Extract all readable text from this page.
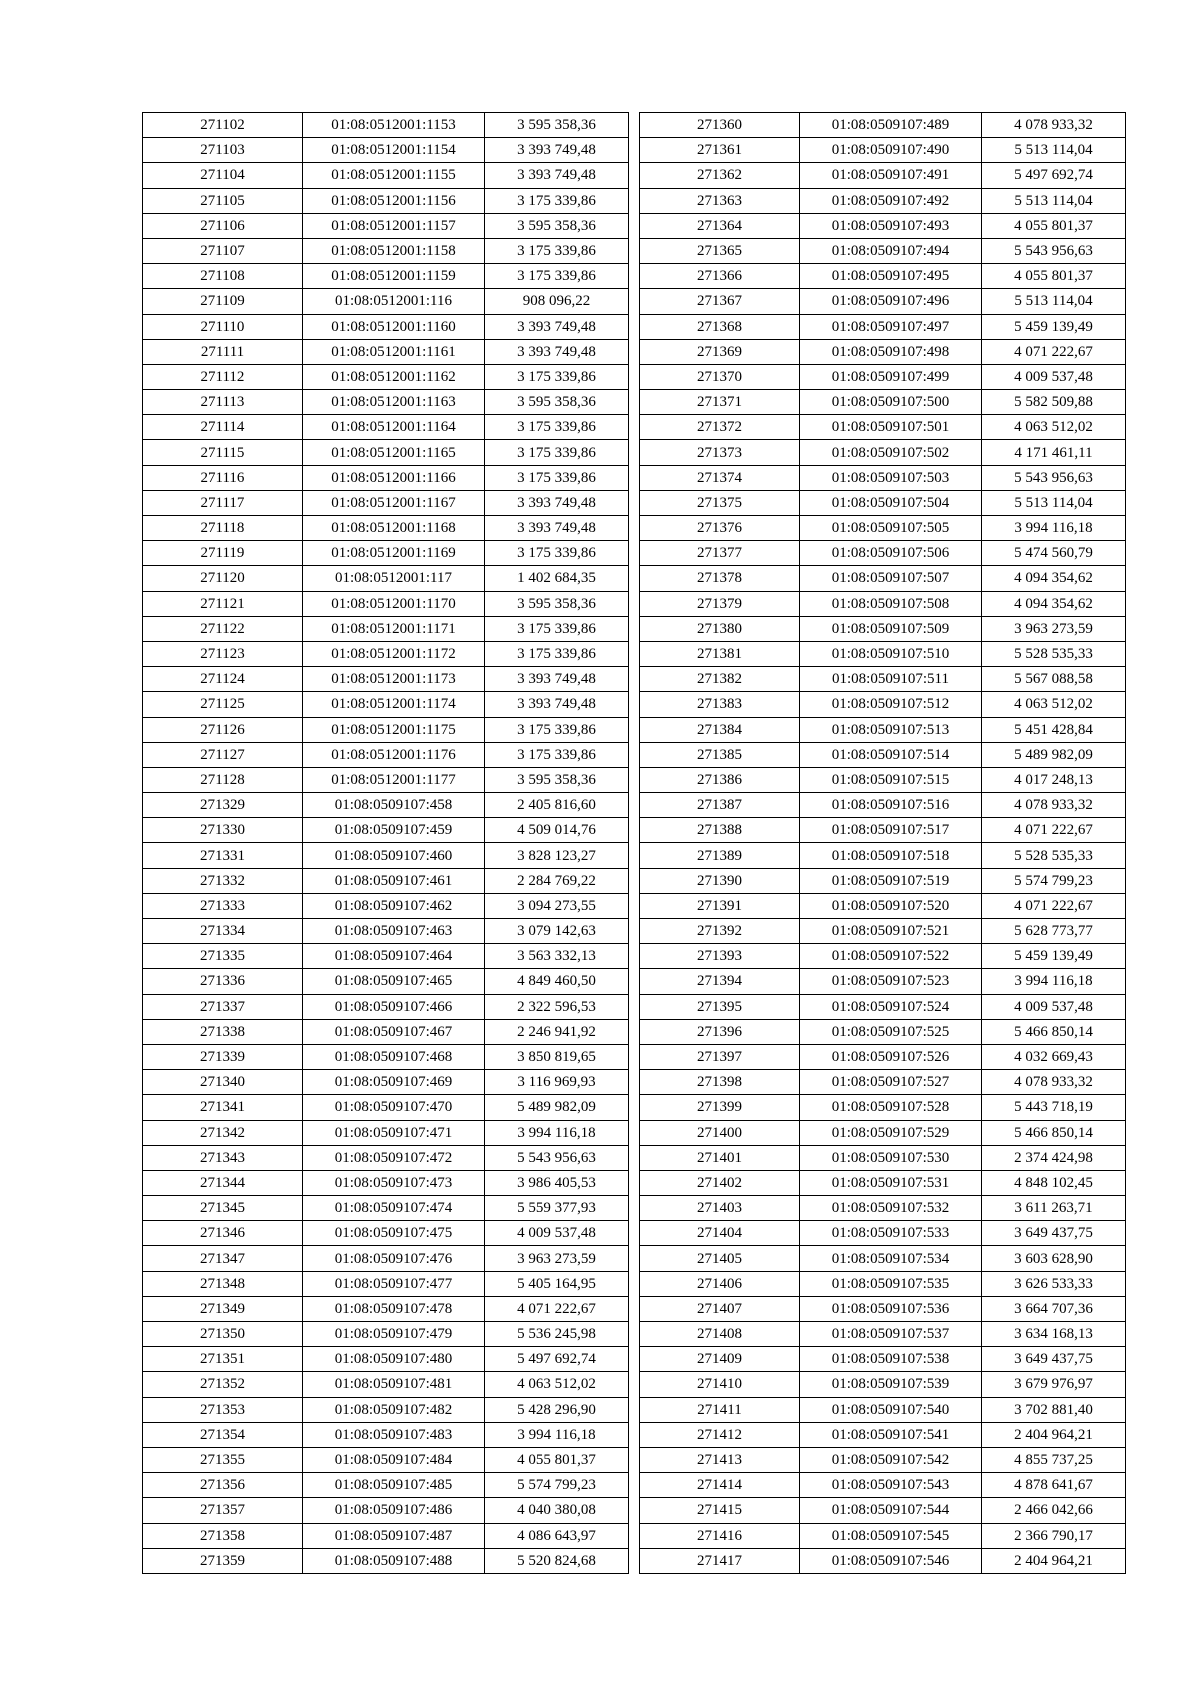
271102	01:08:0512001:1153	3 595 358,36
271103	01:08:0512001:1154	3 393 749,48
271104	01:08:0512001:1155	3 393 749,48
271105	01:08:0512001:1156	3 175 339,86
271106	01:08:0512001:1157	3 595 358,36
271107	01:08:0512001:1158	3 175 339,86
271108	01:08:0512001:1159	3 175 339,86
271109	01:08:0512001:116	908 096,22
271110	01:08:0512001:1160	3 393 749,48
271111	01:08:0512001:1161	3 393 749,48
271112	01:08:0512001:1162	3 175 339,86
271113	01:08:0512001:1163	3 595 358,36
271114	01:08:0512001:1164	3 175 339,86
271115	01:08:0512001:1165	3 175 339,86
271116	01:08:0512001:1166	3 175 339,86
271117	01:08:0512001:1167	3 393 749,48
271118	01:08:0512001:1168	3 393 749,48
271119	01:08:0512001:1169	3 175 339,86
271120	01:08:0512001:117	1 402 684,35
271121	01:08:0512001:1170	3 595 358,36
271122	01:08:0512001:1171	3 175 339,86
271123	01:08:0512001:1172	3 175 339,86
271124	01:08:0512001:1173	3 393 749,48
271125	01:08:0512001:1174	3 393 749,48
271126	01:08:0512001:1175	3 175 339,86
271127	01:08:0512001:1176	3 175 339,86
271128	01:08:0512001:1177	3 595 358,36
271329	01:08:0509107:458	2 405 816,60
271330	01:08:0509107:459	4 509 014,76
271331	01:08:0509107:460	3 828 123,27
271332	01:08:0509107:461	2 284 769,22
271333	01:08:0509107:462	3 094 273,55
271334	01:08:0509107:463	3 079 142,63
271335	01:08:0509107:464	3 563 332,13
271336	01:08:0509107:465	4 849 460,50
271337	01:08:0509107:466	2 322 596,53
271338	01:08:0509107:467	2 246 941,92
271339	01:08:0509107:468	3 850 819,65
271340	01:08:0509107:469	3 116 969,93
271341	01:08:0509107:470	5 489 982,09
271342	01:08:0509107:471	3 994 116,18
271343	01:08:0509107:472	5 543 956,63
271344	01:08:0509107:473	3 986 405,53
271345	01:08:0509107:474	5 559 377,93
271346	01:08:0509107:475	4 009 537,48
271347	01:08:0509107:476	3 963 273,59
271348	01:08:0509107:477	5 405 164,95
271349	01:08:0509107:478	4 071 222,67
271350	01:08:0509107:479	5 536 245,98
271351	01:08:0509107:480	5 497 692,74
271352	01:08:0509107:481	4 063 512,02
271353	01:08:0509107:482	5 428 296,90
271354	01:08:0509107:483	3 994 116,18
271355	01:08:0509107:484	4 055 801,37
271356	01:08:0509107:485	5 574 799,23
271357	01:08:0509107:486	4 040 380,08
271358	01:08:0509107:487	4 086 643,97
271359	01:08:0509107:488	5 520 824,68
271360	01:08:0509107:489	4 078 933,32
271361	01:08:0509107:490	5 513 114,04
271362	01:08:0509107:491	5 497 692,74
271363	01:08:0509107:492	5 513 114,04
271364	01:08:0509107:493	4 055 801,37
271365	01:08:0509107:494	5 543 956,63
271366	01:08:0509107:495	4 055 801,37
271367	01:08:0509107:496	5 513 114,04
271368	01:08:0509107:497	5 459 139,49
271369	01:08:0509107:498	4 071 222,67
271370	01:08:0509107:499	4 009 537,48
271371	01:08:0509107:500	5 582 509,88
271372	01:08:0509107:501	4 063 512,02
271373	01:08:0509107:502	4 171 461,11
271374	01:08:0509107:503	5 543 956,63
271375	01:08:0509107:504	5 513 114,04
271376	01:08:0509107:505	3 994 116,18
271377	01:08:0509107:506	5 474 560,79
271378	01:08:0509107:507	4 094 354,62
271379	01:08:0509107:508	4 094 354,62
271380	01:08:0509107:509	3 963 273,59
271381	01:08:0509107:510	5 528 535,33
271382	01:08:0509107:511	5 567 088,58
271383	01:08:0509107:512	4 063 512,02
271384	01:08:0509107:513	5 451 428,84
271385	01:08:0509107:514	5 489 982,09
271386	01:08:0509107:515	4 017 248,13
271387	01:08:0509107:516	4 078 933,32
271388	01:08:0509107:517	4 071 222,67
271389	01:08:0509107:518	5 528 535,33
271390	01:08:0509107:519	5 574 799,23
271391	01:08:0509107:520	4 071 222,67
271392	01:08:0509107:521	5 628 773,77
271393	01:08:0509107:522	5 459 139,49
271394	01:08:0509107:523	3 994 116,18
271395	01:08:0509107:524	4 009 537,48
271396	01:08:0509107:525	5 466 850,14
271397	01:08:0509107:526	4 032 669,43
271398	01:08:0509107:527	4 078 933,32
271399	01:08:0509107:528	5 443 718,19
271400	01:08:0509107:529	5 466 850,14
271401	01:08:0509107:530	2 374 424,98
271402	01:08:0509107:531	4 848 102,45
271403	01:08:0509107:532	3 611 263,71
271404	01:08:0509107:533	3 649 437,75
271405	01:08:0509107:534	3 603 628,90
271406	01:08:0509107:535	3 626 533,33
271407	01:08:0509107:536	3 664 707,36
271408	01:08:0509107:537	3 634 168,13
271409	01:08:0509107:538	3 649 437,75
271410	01:08:0509107:539	3 679 976,97
271411	01:08:0509107:540	3 702 881,40
271412	01:08:0509107:541	2 404 964,21
271413	01:08:0509107:542	4 855 737,25
271414	01:08:0509107:543	4 878 641,67
271415	01:08:0509107:544	2 466 042,66
271416	01:08:0509107:545	2 366 790,17
271417	01:08:0509107:546	2 404 964,21
